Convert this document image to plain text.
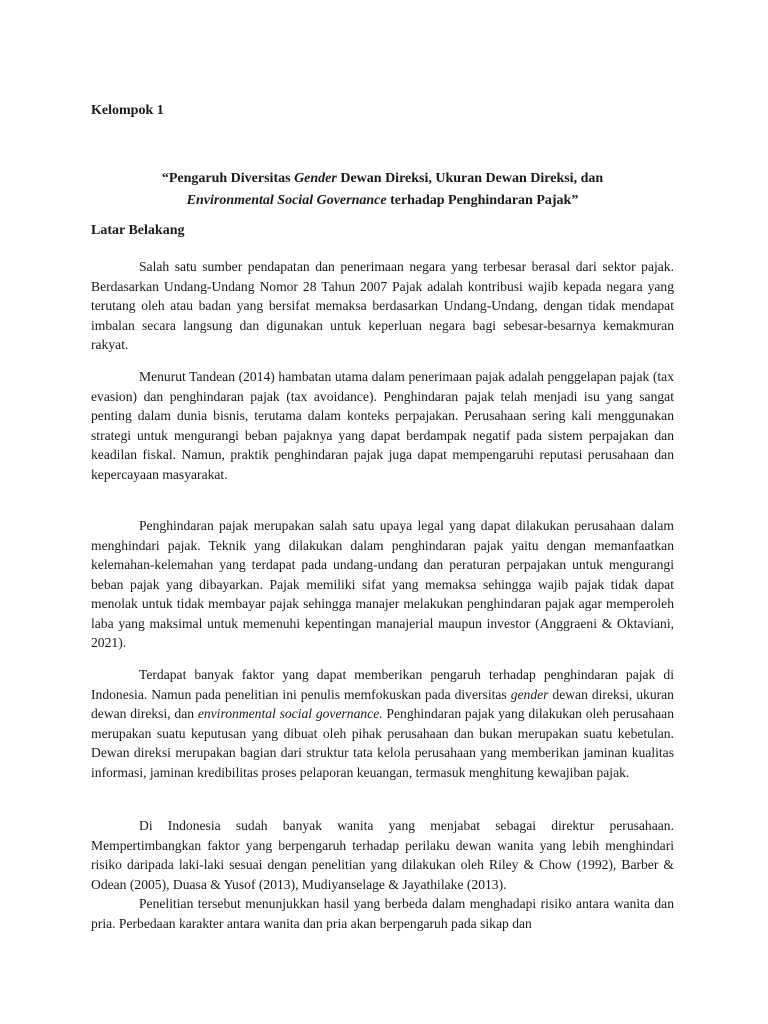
Kelompok 1

“Pengaruh Diversitas Gender Dewan Direksi, Ukuran Dewan Direksi, dan
Environmental Social Governance terhadap Penghindaran Pajak”

Latar Belakang

Salah satu sumber pendapatan dan penerimaan negara yang terbesar berasal dari sektor pajak. Berdasarkan Undang-Undang Nomor 28 Tahun 2007 Pajak adalah kontribusi wajib kepada negara yang terutang oleh atau badan yang bersifat memaksa berdasarkan Undang-Undang, dengan tidak mendapat imbalan secara langsung dan digunakan untuk keperluan negara bagi sebesar-besarnya kemakmuran rakyat.

Menurut Tandean (2014) hambatan utama dalam penerimaan pajak adalah penggelapan pajak (tax evasion) dan penghindaran pajak (tax avoidance). Penghindaran pajak telah menjadi isu yang sangat penting dalam dunia bisnis, terutama dalam konteks perpajakan. Perusahaan sering kali menggunakan strategi untuk mengurangi beban pajaknya yang dapat berdampak negatif pada sistem perpajakan dan keadilan fiskal. Namun, praktik penghindaran pajak juga dapat mempengaruhi reputasi perusahaan dan kepercayaan masyarakat.

Penghindaran pajak merupakan salah satu upaya legal yang dapat dilakukan perusahaan dalam menghindari pajak. Teknik yang dilakukan dalam penghindaran pajak yaitu dengan memanfaatkan kelemahan-kelemahan yang terdapat pada undang-undang dan peraturan perpajakan untuk mengurangi beban pajak yang dibayarkan. Pajak memiliki sifat yang memaksa sehingga wajib pajak tidak dapat menolak untuk tidak membayar pajak sehingga manajer melakukan penghindaran pajak agar memperoleh laba yang maksimal untuk memenuhi kepentingan manajerial maupun investor (Anggraeni & Oktaviani, 2021).

Terdapat banyak faktor yang dapat memberikan pengaruh terhadap penghindaran pajak di Indonesia. Namun pada penelitian ini penulis memfokuskan pada diversitas gender dewan direksi, ukuran dewan direksi, dan environmental social governance. Penghindaran pajak yang dilakukan oleh perusahaan merupakan suatu keputusan yang dibuat oleh pihak perusahaan dan bukan merupakan suatu kebetulan. Dewan direksi merupakan bagian dari struktur tata kelola perusahaan yang memberikan jaminan kualitas informasi, jaminan kredibilitas proses pelaporan keuangan, termasuk menghitung kewajiban pajak.

Di Indonesia sudah banyak wanita yang menjabat sebagai direktur perusahaan. Mempertimbangkan faktor yang berpengaruh terhadap perilaku dewan wanita yang lebih menghindari risiko daripada laki-laki sesuai dengan penelitian yang dilakukan oleh Riley & Chow (1992), Barber & Odean (2005), Duasa & Yusof (2013), Mudiyanselage & Jayathilake (2013).
Penelitian tersebut menunjukkan hasil yang berbeda dalam menghadapi risiko antara wanita dan pria. Perbedaan karakter antara wanita dan pria akan berpengaruh pada sikap dan
